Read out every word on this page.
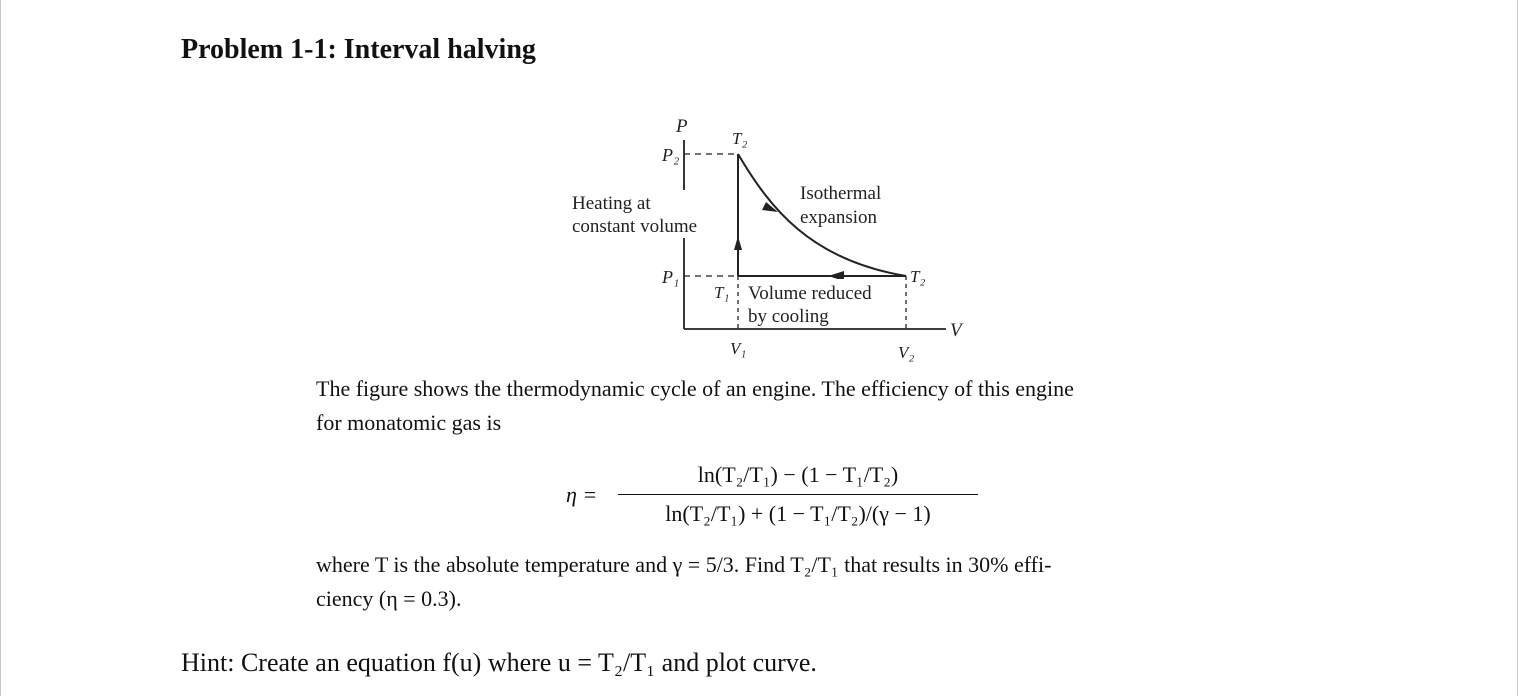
Problem 1-1: Interval halving
P
V
P₂
P₁
T₂
T₂
T₁
V₁	V₂
Heating at
constant volume
Isothermal
expansion
Volume reduced
by cooling
The figure shows the thermodynamic cycle of an engine. The efficiency of this engine
for monatomic gas is
η =
ln(T₂/T₁) − (1 − T₁/T₂)
ln(T₂/T₁) + (1 − T₁/T₂)/(γ − 1)
where T is the absolute temperature and γ = 5/3. Find T₂/T₁ that results in 30% effi-
ciency (η = 0.3).
Hint: Create an equation f(u) where u = T₂/T₁ and plot curve.
